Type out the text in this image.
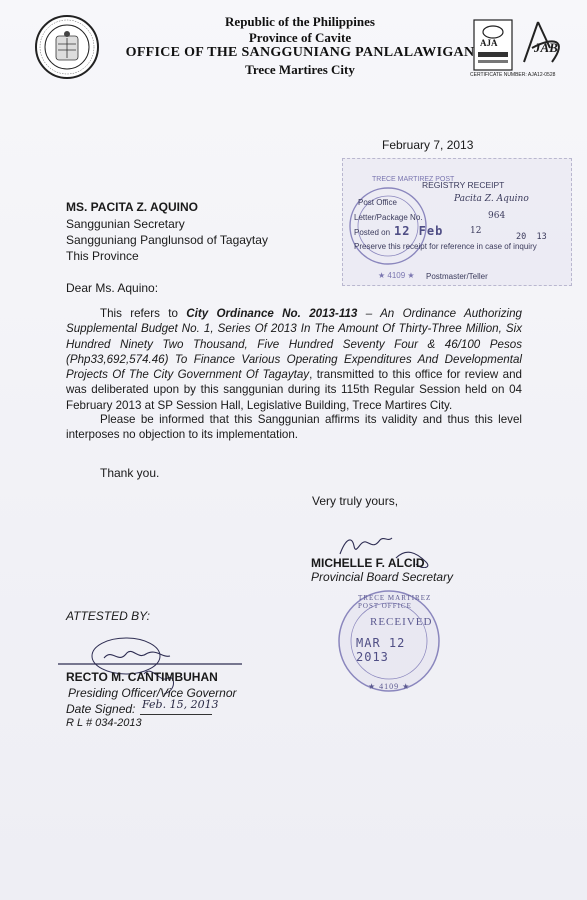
Republic of the Philippines
Province of Cavite
OFFICE OF THE SANGGUNIANG PANLALAWIGAN
Trece Martires City
AJA	JAB
CERTIFICATE NUMBER: AJA12-0528
February 7, 2013
TRECE MARTIREZ POST
★ 4109 ★
REGISTRY RECEIPT
Post Office	Pacita Z. Aquino
Letter/Package No.	964
Posted on 12 Feb	12
20 13
Preserve this receipt for reference in case of inquiry
Postmaster/Teller
MS. PACITA Z. AQUINO
Sanggunian Secretary
Sangguniang Panglunsod of Tagaytay
This Province
Dear Ms. Aquino:
This refers to City Ordinance No. 2013-113 – An Ordinance Authorizing Supplemental Budget No. 1, Series Of 2013 In The Amount Of Thirty-Three Million, Six Hundred Ninety Two Thousand, Five Hundred Seventy Four & 46/100 Pesos (Php33,692,574.46) To Finance Various Operating Expenditures And Developmental Projects Of The City Government Of Tagaytay, transmitted to this office for review and was deliberated upon by this sanggunian during its 115th Regular Session held on 04 February 2013 at SP Session Hall, Legislative Building, Trece Martires City.
Please be informed that this Sanggunian affirms its validity and thus this level interposes no objection to its implementation.
Thank you.
Very truly yours,
MICHELLE F. ALCID
Provincial Board Secretary
ATTESTED BY:
RECTO M. CANTIMBUHAN
Presiding Officer/Vice Governor
Date Signed: Feb. 15, 2013
R L # 034-2013
TRECE MARTIREZ POST OFFICE
RECEIVED
MAR 12 2013
★ 4109 ★
